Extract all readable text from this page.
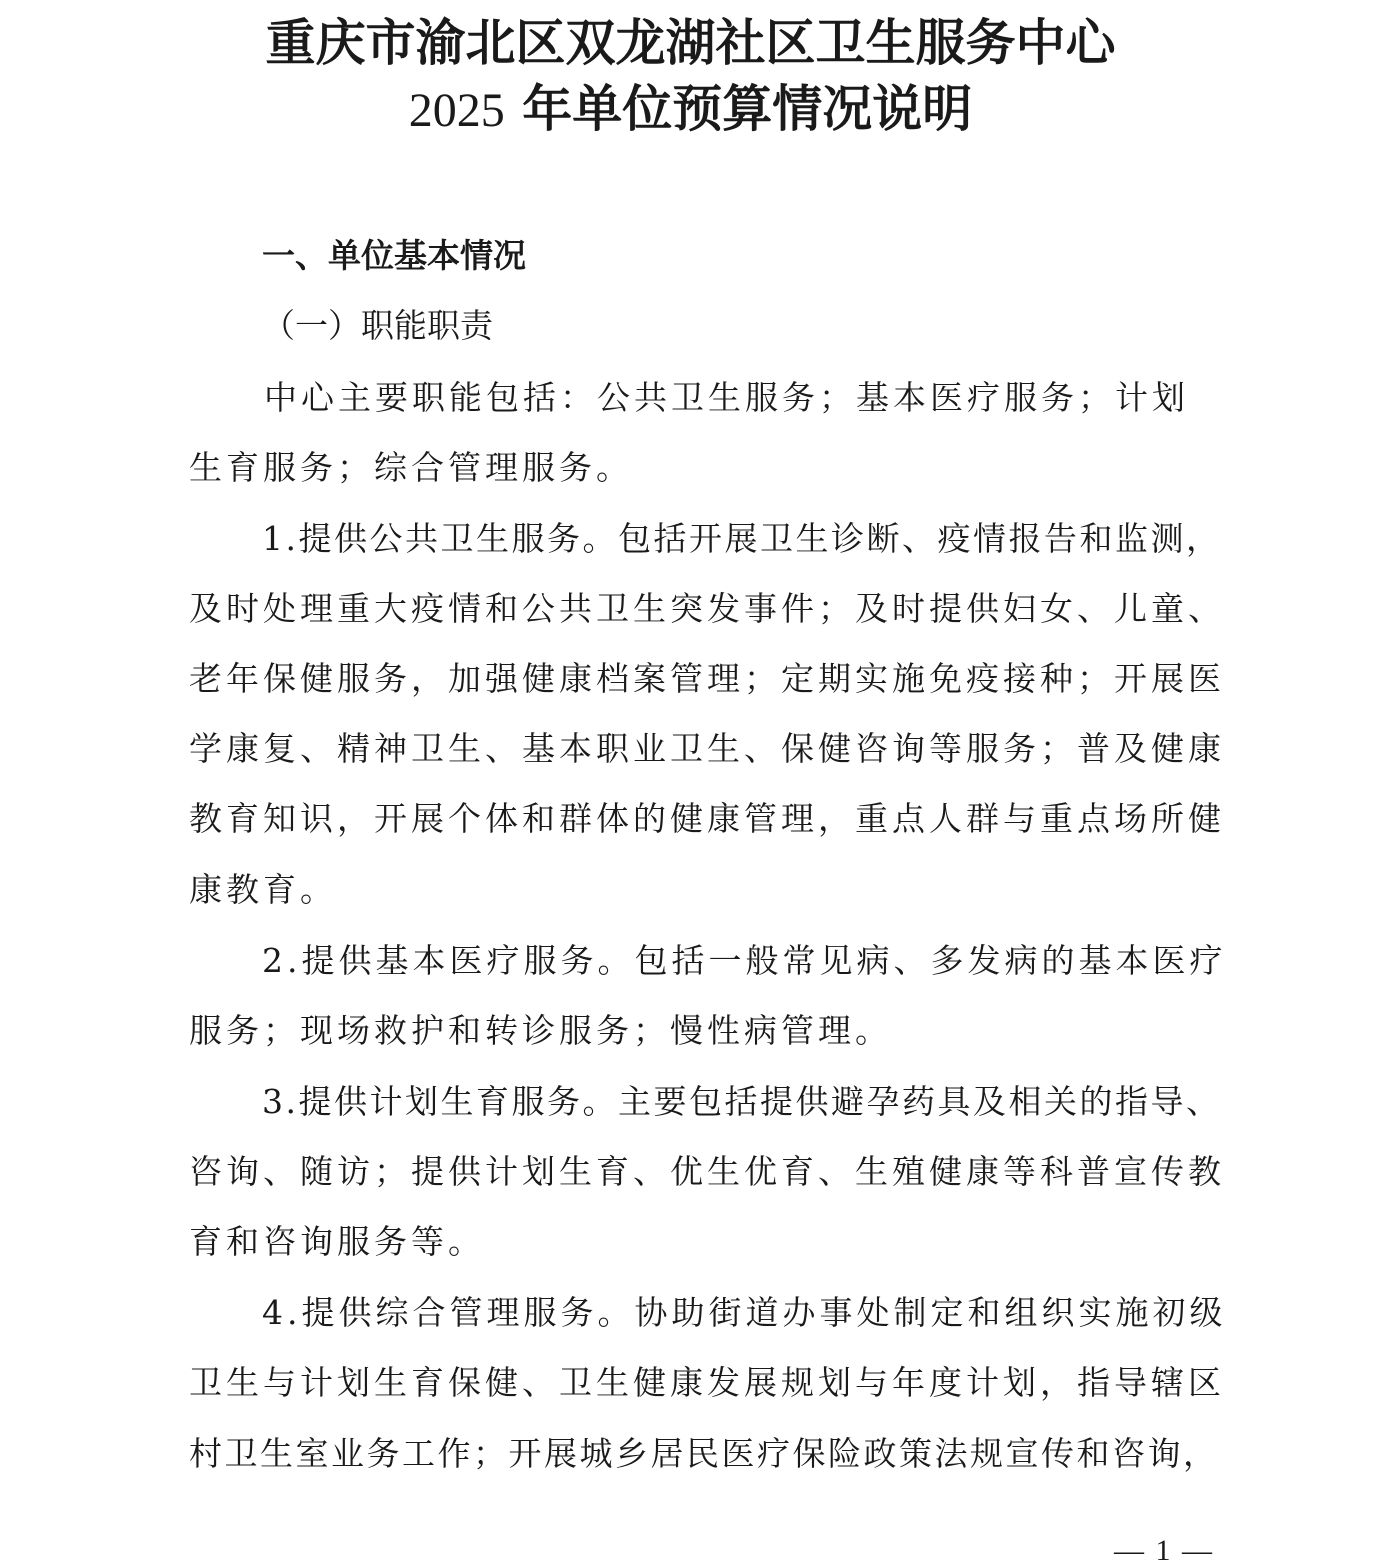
重庆市渝北区双龙湖社区卫生服务中心
2025 年单位预算情况说明
一、单位基本情况
（一）职能职责
中心主要职能包括：公共卫生服务；基本医疗服务；计划
生育服务；综合管理服务。
1.提供公共卫生服务。包括开展卫生诊断、疫情报告和监测，
及时处理重大疫情和公共卫生突发事件；及时提供妇女、儿童、
老年保健服务，加强健康档案管理；定期实施免疫接种；开展医
学康复、精神卫生、基本职业卫生、保健咨询等服务；普及健康
教育知识，开展个体和群体的健康管理，重点人群与重点场所健
康教育。
2.提供基本医疗服务。包括一般常见病、多发病的基本医疗
服务；现场救护和转诊服务；慢性病管理。
3.提供计划生育服务。主要包括提供避孕药具及相关的指导、
咨询、随访；提供计划生育、优生优育、生殖健康等科普宣传教
育和咨询服务等。
4.提供综合管理服务。协助街道办事处制定和组织实施初级
卫生与计划生育保健、卫生健康发展规划与年度计划，指导辖区
村卫生室业务工作；开展城乡居民医疗保险政策法规宣传和咨询，
— 1 —
